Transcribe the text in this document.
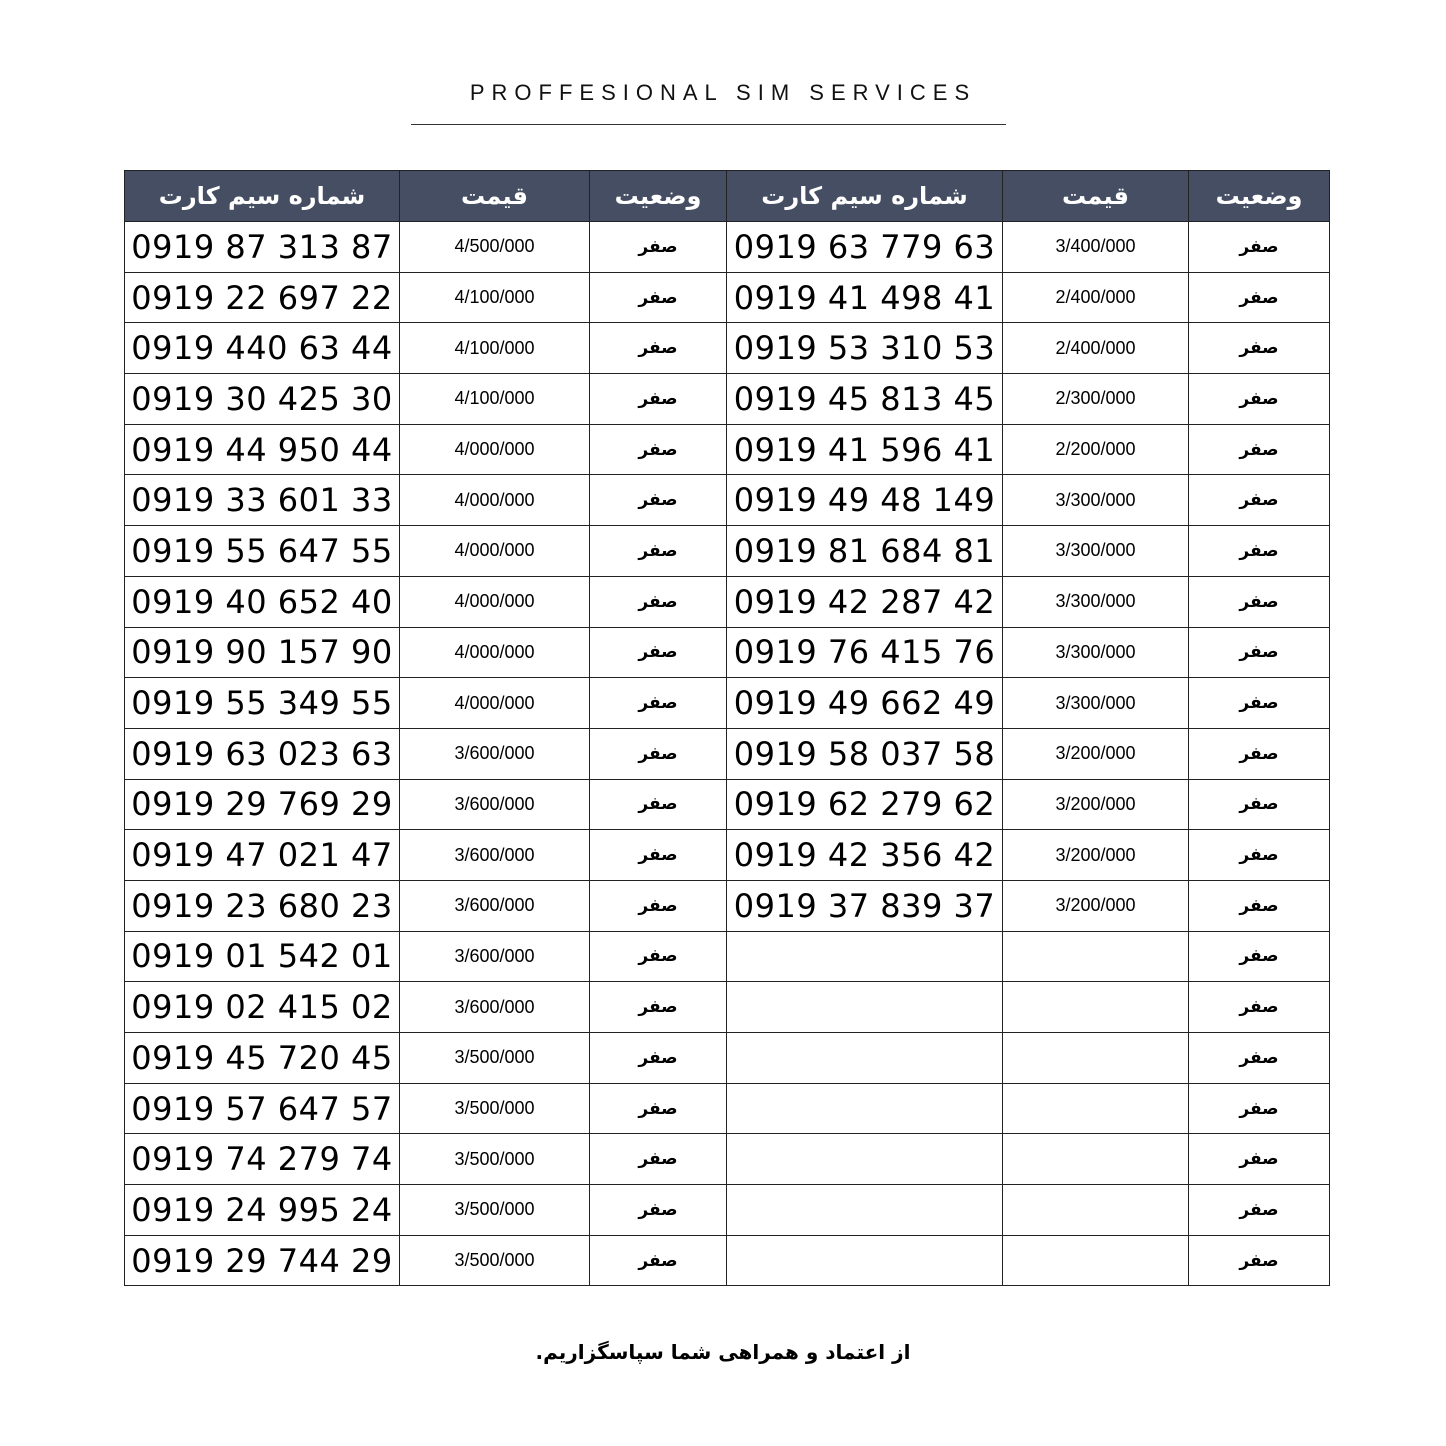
PROFFESIONAL SIM SERVICES
شماره سیم کارت	قیمت	وضعیت	شماره سیم کارت	قیمت	وضعیت
0919 87 313 87	4/500/000	صفر	0919 63 779 63	3/400/000	صفر
0919 22 697 22	4/100/000	صفر	0919 41 498 41	2/400/000	صفر
0919 440 63 44	4/100/000	صفر	0919 53 310 53	2/400/000	صفر
0919 30 425 30	4/100/000	صفر	0919 45 813 45	2/300/000	صفر
0919 44 950 44	4/000/000	صفر	0919 41 596 41	2/200/000	صفر
0919 33 601 33	4/000/000	صفر	0919 49 48 149	3/300/000	صفر
0919 55 647 55	4/000/000	صفر	0919 81 684 81	3/300/000	صفر
0919 40 652 40	4/000/000	صفر	0919 42 287 42	3/300/000	صفر
0919 90 157 90	4/000/000	صفر	0919 76 415 76	3/300/000	صفر
0919 55 349 55	4/000/000	صفر	0919 49 662 49	3/300/000	صفر
0919 63 023 63	3/600/000	صفر	0919 58 037 58	3/200/000	صفر
0919 29 769 29	3/600/000	صفر	0919 62 279 62	3/200/000	صفر
0919 47 021 47	3/600/000	صفر	0919 42 356 42	3/200/000	صفر
0919 23 680 23	3/600/000	صفر	0919 37 839 37	3/200/000	صفر
0919 01 542 01	3/600/000	صفر			صفر
0919 02 415 02	3/600/000	صفر			صفر
0919 45 720 45	3/500/000	صفر			صفر
0919 57 647 57	3/500/000	صفر			صفر
0919 74 279 74	3/500/000	صفر			صفر
0919 24 995 24	3/500/000	صفر			صفر
0919 29 744 29	3/500/000	صفر			صفر
از اعتماد و همراهی شما سپاسگزاریم.
